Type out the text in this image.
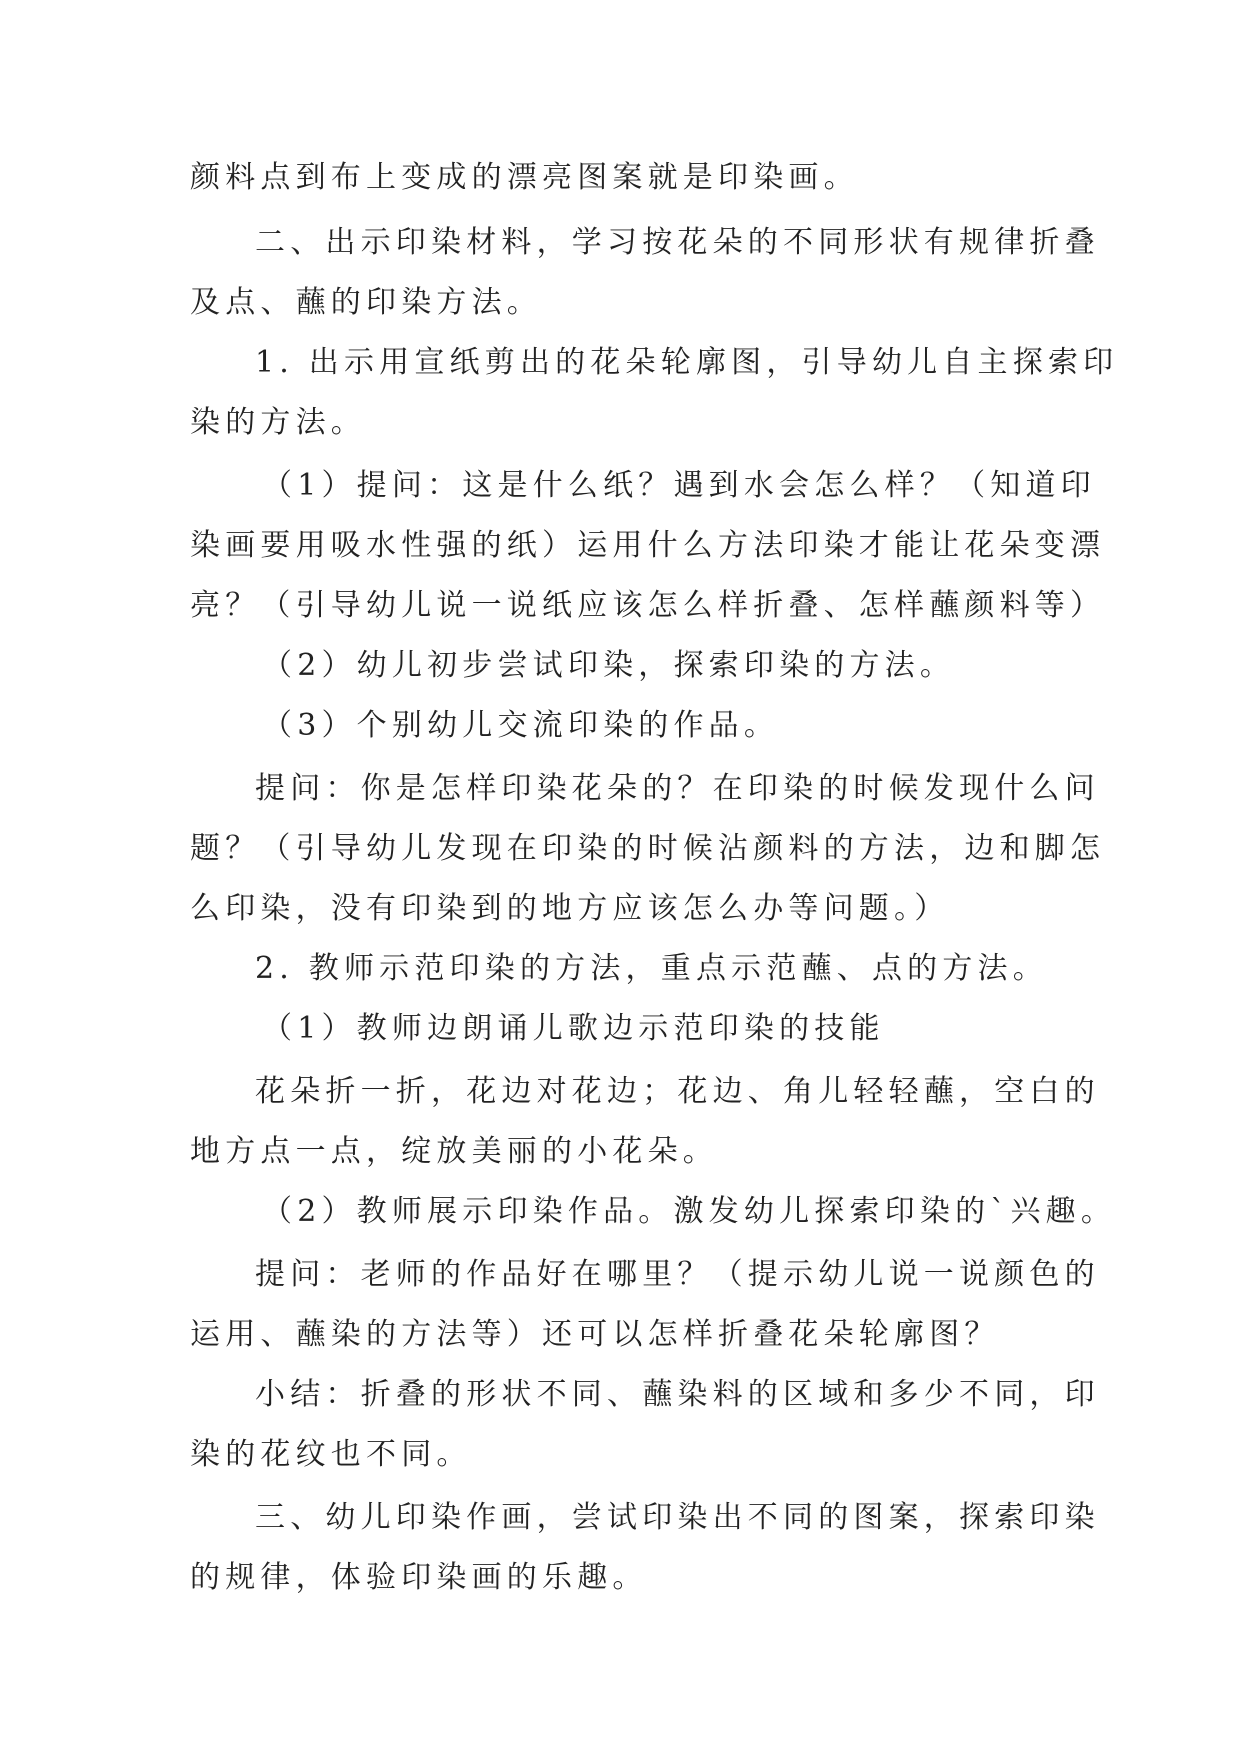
颜料点到布上变成的漂亮图案就是印染画。

二、出示印染材料，学习按花朵的不同形状有规律折叠

及点、蘸的印染方法。

1. 出示用宣纸剪出的花朵轮廓图，引导幼儿自主探索印

染的方法。

（1）提问：这是什么纸？遇到水会怎么样？（知道印

染画要用吸水性强的纸）运用什么方法印染才能让花朵变漂

亮？（引导幼儿说一说纸应该怎么样折叠、怎样蘸颜料等）

（2）幼儿初步尝试印染，探索印染的方法。

（3）个别幼儿交流印染的作品。

提问：你是怎样印染花朵的？在印染的时候发现什么问

题？（引导幼儿发现在印染的时候沾颜料的方法，边和脚怎

么印染，没有印染到的地方应该怎么办等问题。）

2. 教师示范印染的方法，重点示范蘸、点的方法。

（1）教师边朗诵儿歌边示范印染的技能

花朵折一折，花边对花边；花边、角儿轻轻蘸，空白的

地方点一点，绽放美丽的小花朵。

（2）教师展示印染作品。激发幼儿探索印染的`兴趣。

提问：老师的作品好在哪里？（提示幼儿说一说颜色的

运用、蘸染的方法等）还可以怎样折叠花朵轮廓图？

小结：折叠的形状不同、蘸染料的区域和多少不同，印

染的花纹也不同。

三、幼儿印染作画，尝试印染出不同的图案，探索印染

的规律，体验印染画的乐趣。
